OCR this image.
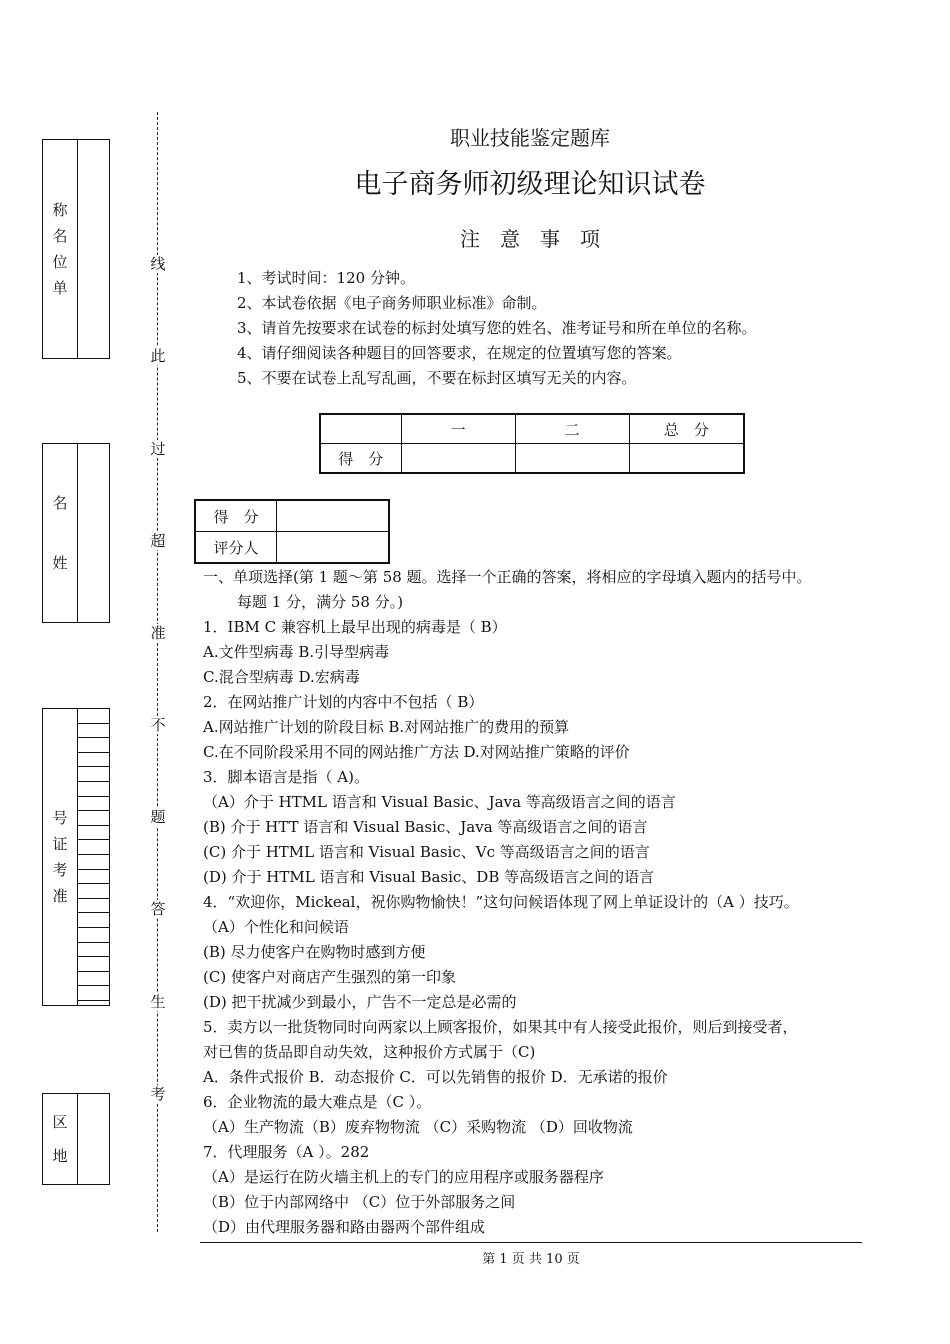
称
名
位
单
名
姓
号
证
考
准
区
地
线
此
过
超
准
不
题
答
生
考
职业技能鉴定题库
电子商务师初级理论知识试卷
注　意　事　项
1、考试时间：120 分钟。
2、本试卷依据《电子商务师职业标准》命制。
3、请首先按要求在试卷的标封处填写您的姓名、准考证号和所在单位的名称。
4、请仔细阅读各种题目的回答要求，在规定的位置填写您的答案。
5、不要在试卷上乱写乱画，不要在标封区填写无关的内容。
	一	二	总　分
得　分			
得　分	
评分人	

一、单项选择(第 1 题～第 58 题。选择一个正确的答案，将相应的字母填入题内的括号中。

每题 1 分，满分 58 分。)

1．IBM C 兼容机上最早出现的病毒是（ B）

A.文件型病毒 B.引导型病毒

C.混合型病毒 D.宏病毒

2．在网站推广计划的内容中不包括（ B）

A.网站推广计划的阶段目标 B.对网站推广的费用的预算

C.在不同阶段采用不同的网站推广方法 D.对网站推广策略的评价

3．脚本语言是指（ A)。

（A）介于 HTML 语言和 Visual Basic、Java 等高级语言之间的语言

(B) 介于 HTT 语言和 Visual Basic、Java 等高级语言之间的语言

(C) 介于 HTML 语言和 Visual Basic、Vc 等高级语言之间的语言

(D) 介于 HTML 语言和 Visual Basic、DB 等高级语言之间的语言

4．“欢迎你，Mickeal，祝你购物愉快！”这句问候语体现了网上单证设计的（A ）技巧。

（A）个性化和问候语

(B) 尽力使客户在购物时感到方便

(C) 使客户对商店产生强烈的第一印象

(D) 把干扰减少到最小，广告不一定总是必需的

5．卖方以一批货物同时向两家以上顾客报价，如果其中有人接受此报价，则后到接受者，

对已售的货品即自动失效，这种报价方式属于（C)

A．条件式报价 B．动态报价 C．可以先销售的报价 D．无承诺的报价

6．企业物流的最大难点是（C ）。

（A）生产物流（B）废弃物物流 （C）采购物流 （D）回收物流

7．代理服务（A ）。282

（A）是运行在防火墙主机上的专门的应用程序或服务器程序

（B）位于内部网络中 （C）位于外部服务之间

（D）由代理服务器和路由器两个部件组成

第 1 页 共 10 页
